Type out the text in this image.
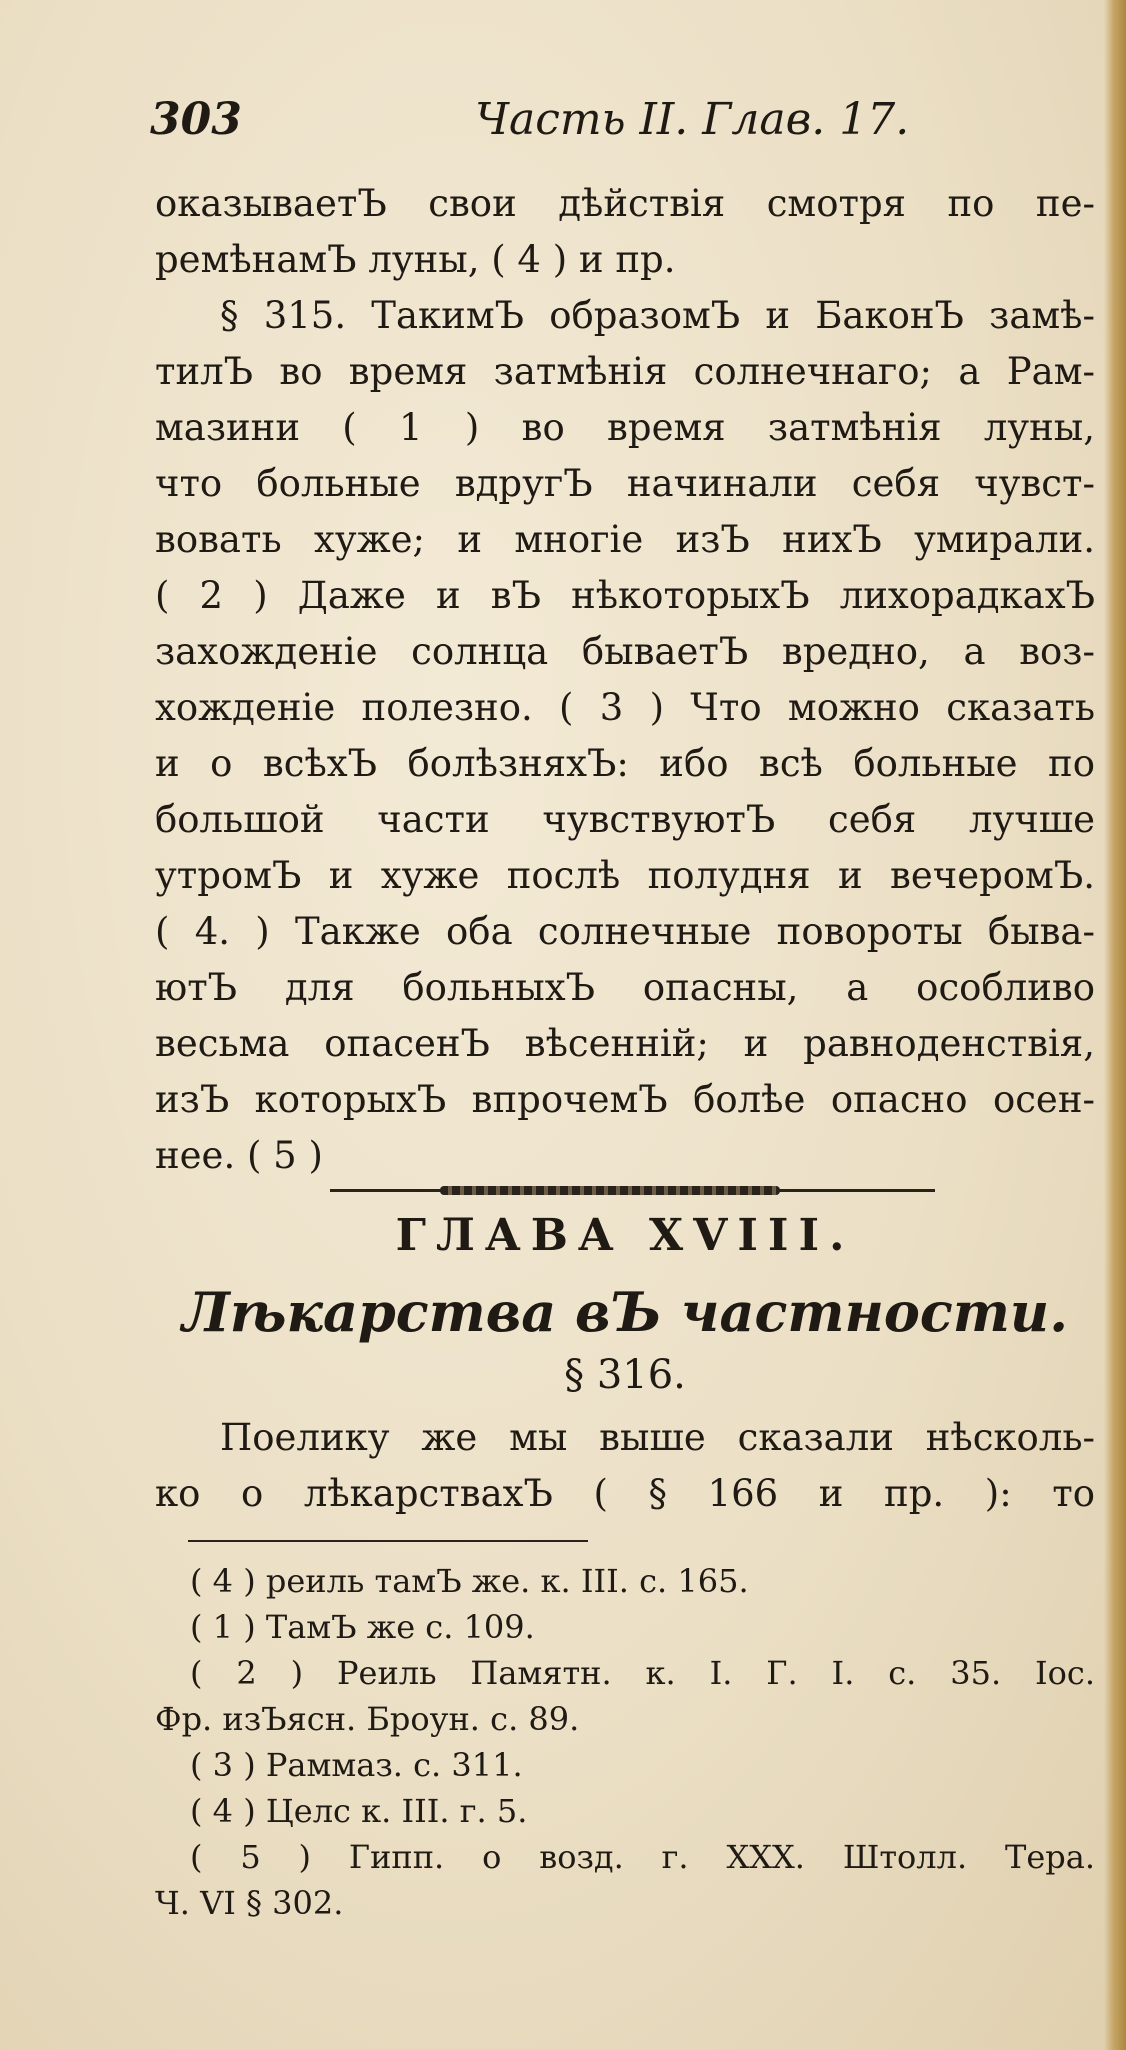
303	Часть II. Глав. 17.
оказываетЪ свои дѣйствія смотря по пе-
ремѣнамЪ луны, ( 4 ) и пр.
§ 315. ТакимЪ образомЪ и БаконЪ замѣ-
тилЪ во время затмѣнія солнечнаго; а Рам-
мазини ( 1 ) во время затмѣнія луны,
что больные вдругЪ начинали себя чувст-
вовать хуже; и многіе изЪ нихЪ умирали.
( 2 ) Даже и вЪ нѣкоторыхЪ лихорадкахЪ
захожденіе солнца бываетЪ вредно, а воз-
хожденіе полезно. ( 3 ) Что можно сказать
и о всѣхЪ болѣзняхЪ: ибо всѣ больные по
большой части чувствуютЪ себя лучше
утромЪ и хуже послѣ полудня и вечеромЪ.
( 4. ) Также оба солнечные повороты быва-
ютЪ для больныхЪ опасны, а особливо
весьма опасенЪ вѣсенній; и равноденствія,
изЪ которыхЪ впрочемЪ болѣе опасно осен-
нее. ( 5 )
ГЛАВА XVIII.
Лѣкарства вЪ частности.
§ 316.
Поелику же мы выше сказали нѣсколь-
ко о лѣкарствахЪ ( § 166 и пр. ): то
( 4 ) реиль тамЪ же. к. III. с. 165.
( 1 ) ТамЪ же с. 109.
( 2 ) Реиль Памятн. к. I. Г. I. с. 35. Іос.
Фр. изЪясн. Броун. с. 89.
( 3 ) Раммаз. с. 311.
( 4 ) Целс к. III. г. 5.
( 5 ) Гипп. о возд. г. XXX. Штолл. Тера.
Ч. VI § 302.
